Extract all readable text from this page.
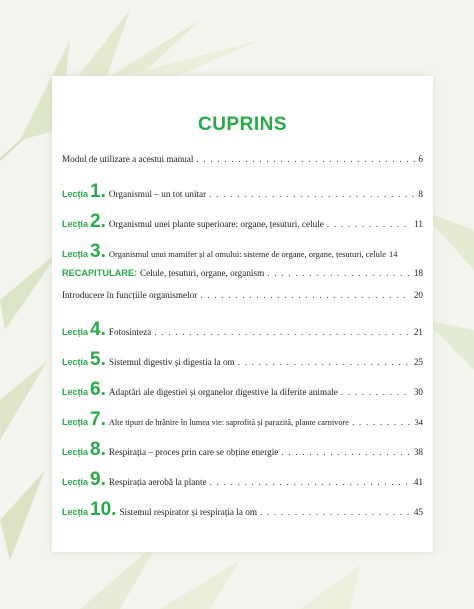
CUPRINS
Modul de utilizare a acestui manual . . .	6
Lecția 1. Organismul – un tot unitar . . .	8
Lecția 2. Organismul unei plante superioare: organe, țesuturi, celule . . .	11
Lecția 3. Organismul unui mamifer și al omului: sisteme de organe, organe, țesuturi, celule 14
RECAPITULARE: Celule, țesuturi, organe, organism . . .	18
Introducere în funcțiile organismelor . . .	20
Lecția 4. Fotosinteza . . .	21
Lecția 5. Sistemul digestiv și digestia la om . . .	25
Lecția 6. Adaptări ale digestiei și organelor digestive la diferite animale . . .	30
Lecția 7. Alte tipuri de hrănire în lumea vie: saprofită și parazită, plante carnivore . . .	34
Lecția 8. Respirația – proces prin care se obține energie . . .	38
Lecția 9. Respirația aerobă la plante . . .	41
Lecția 10. Sistemul respirator și respirația la om . . .	45
